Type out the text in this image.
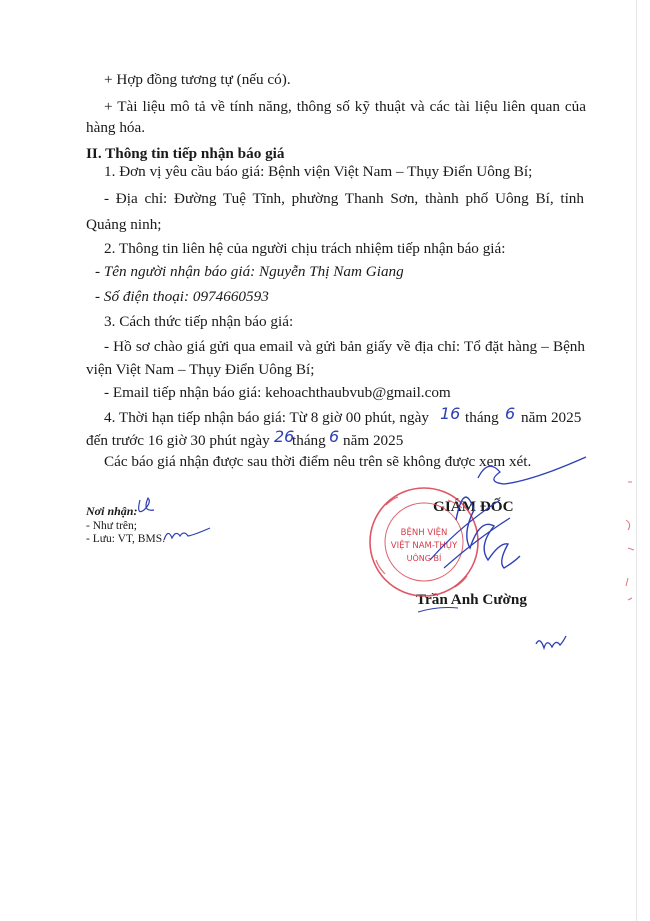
+ Hợp đồng tương tự (nếu có).
+ Tài liệu mô tả về tính năng, thông số kỹ thuật và các tài liệu liên quan của
hàng hóa.
II. Thông tin tiếp nhận báo giá
1. Đơn vị yêu cầu báo giá: Bệnh viện Việt Nam – Thụy Điển Uông Bí;
- Địa chỉ: Đường Tuệ Tĩnh, phường Thanh Sơn, thành phố Uông Bí, tỉnh
Quảng ninh;
2. Thông tin liên hệ của người chịu trách nhiệm tiếp nhận báo giá:
- Tên người nhận báo giá: Nguyễn Thị Nam Giang
- Số điện thoại: 0974660593
3. Cách thức tiếp nhận báo giá:
- Hồ sơ chào giá gửi qua email và gửi bản giấy về địa chỉ: Tổ đặt hàng – Bệnh
viện Việt Nam – Thụy Điển Uông Bí;
- Email tiếp nhận báo giá: kehoachthaubvub@gmail.com
4. Thời hạn tiếp nhận báo giá: Từ 8 giờ 00 phút, ngày 16 tháng 6 năm 2025
đến trước 16 giờ 30 phút ngày 26
tháng 6 năm 2025
Các báo giá nhận được sau thời điểm nêu trên sẽ không được xem xét.
Nơi nhận:
- Như trên;
- Lưu: VT, BMS.
GIÁM ĐỐC
Trần Anh Cường
BỆNH VIỆN
VIỆT NAM-THỤY
UÔNG BÍ
